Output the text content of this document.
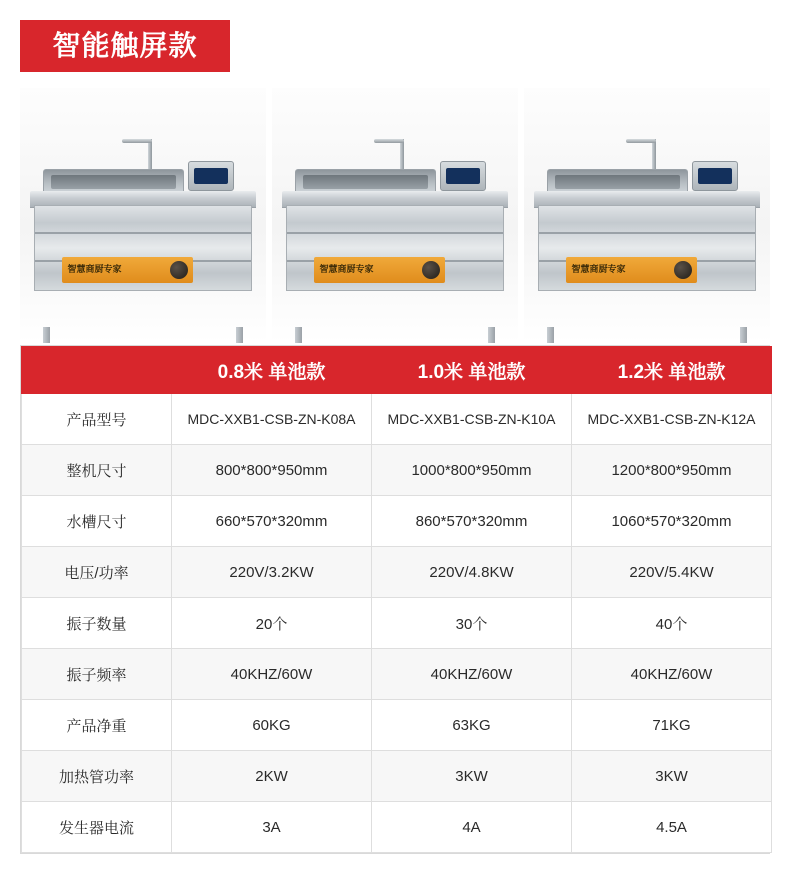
智能触屏款
智慧商厨专家	智慧商厨专家	智慧商厨专家
	0.8米 单池款	1.0米 单池款	1.2米 单池款
产品型号	MDC-XXB1-CSB-ZN-K08A	MDC-XXB1-CSB-ZN-K10A	MDC-XXB1-CSB-ZN-K12A
整机尺寸	800*800*950mm	1000*800*950mm	1200*800*950mm
水槽尺寸	660*570*320mm	860*570*320mm	1060*570*320mm
电压/功率	220V/3.2KW	220V/4.8KW	220V/5.4KW
振子数量	20个	30个	40个
振子频率	40KHZ/60W	40KHZ/60W	40KHZ/60W
产品净重	60KG	63KG	71KG
加热管功率	2KW	3KW	3KW
发生器电流	3A	4A	4.5A
